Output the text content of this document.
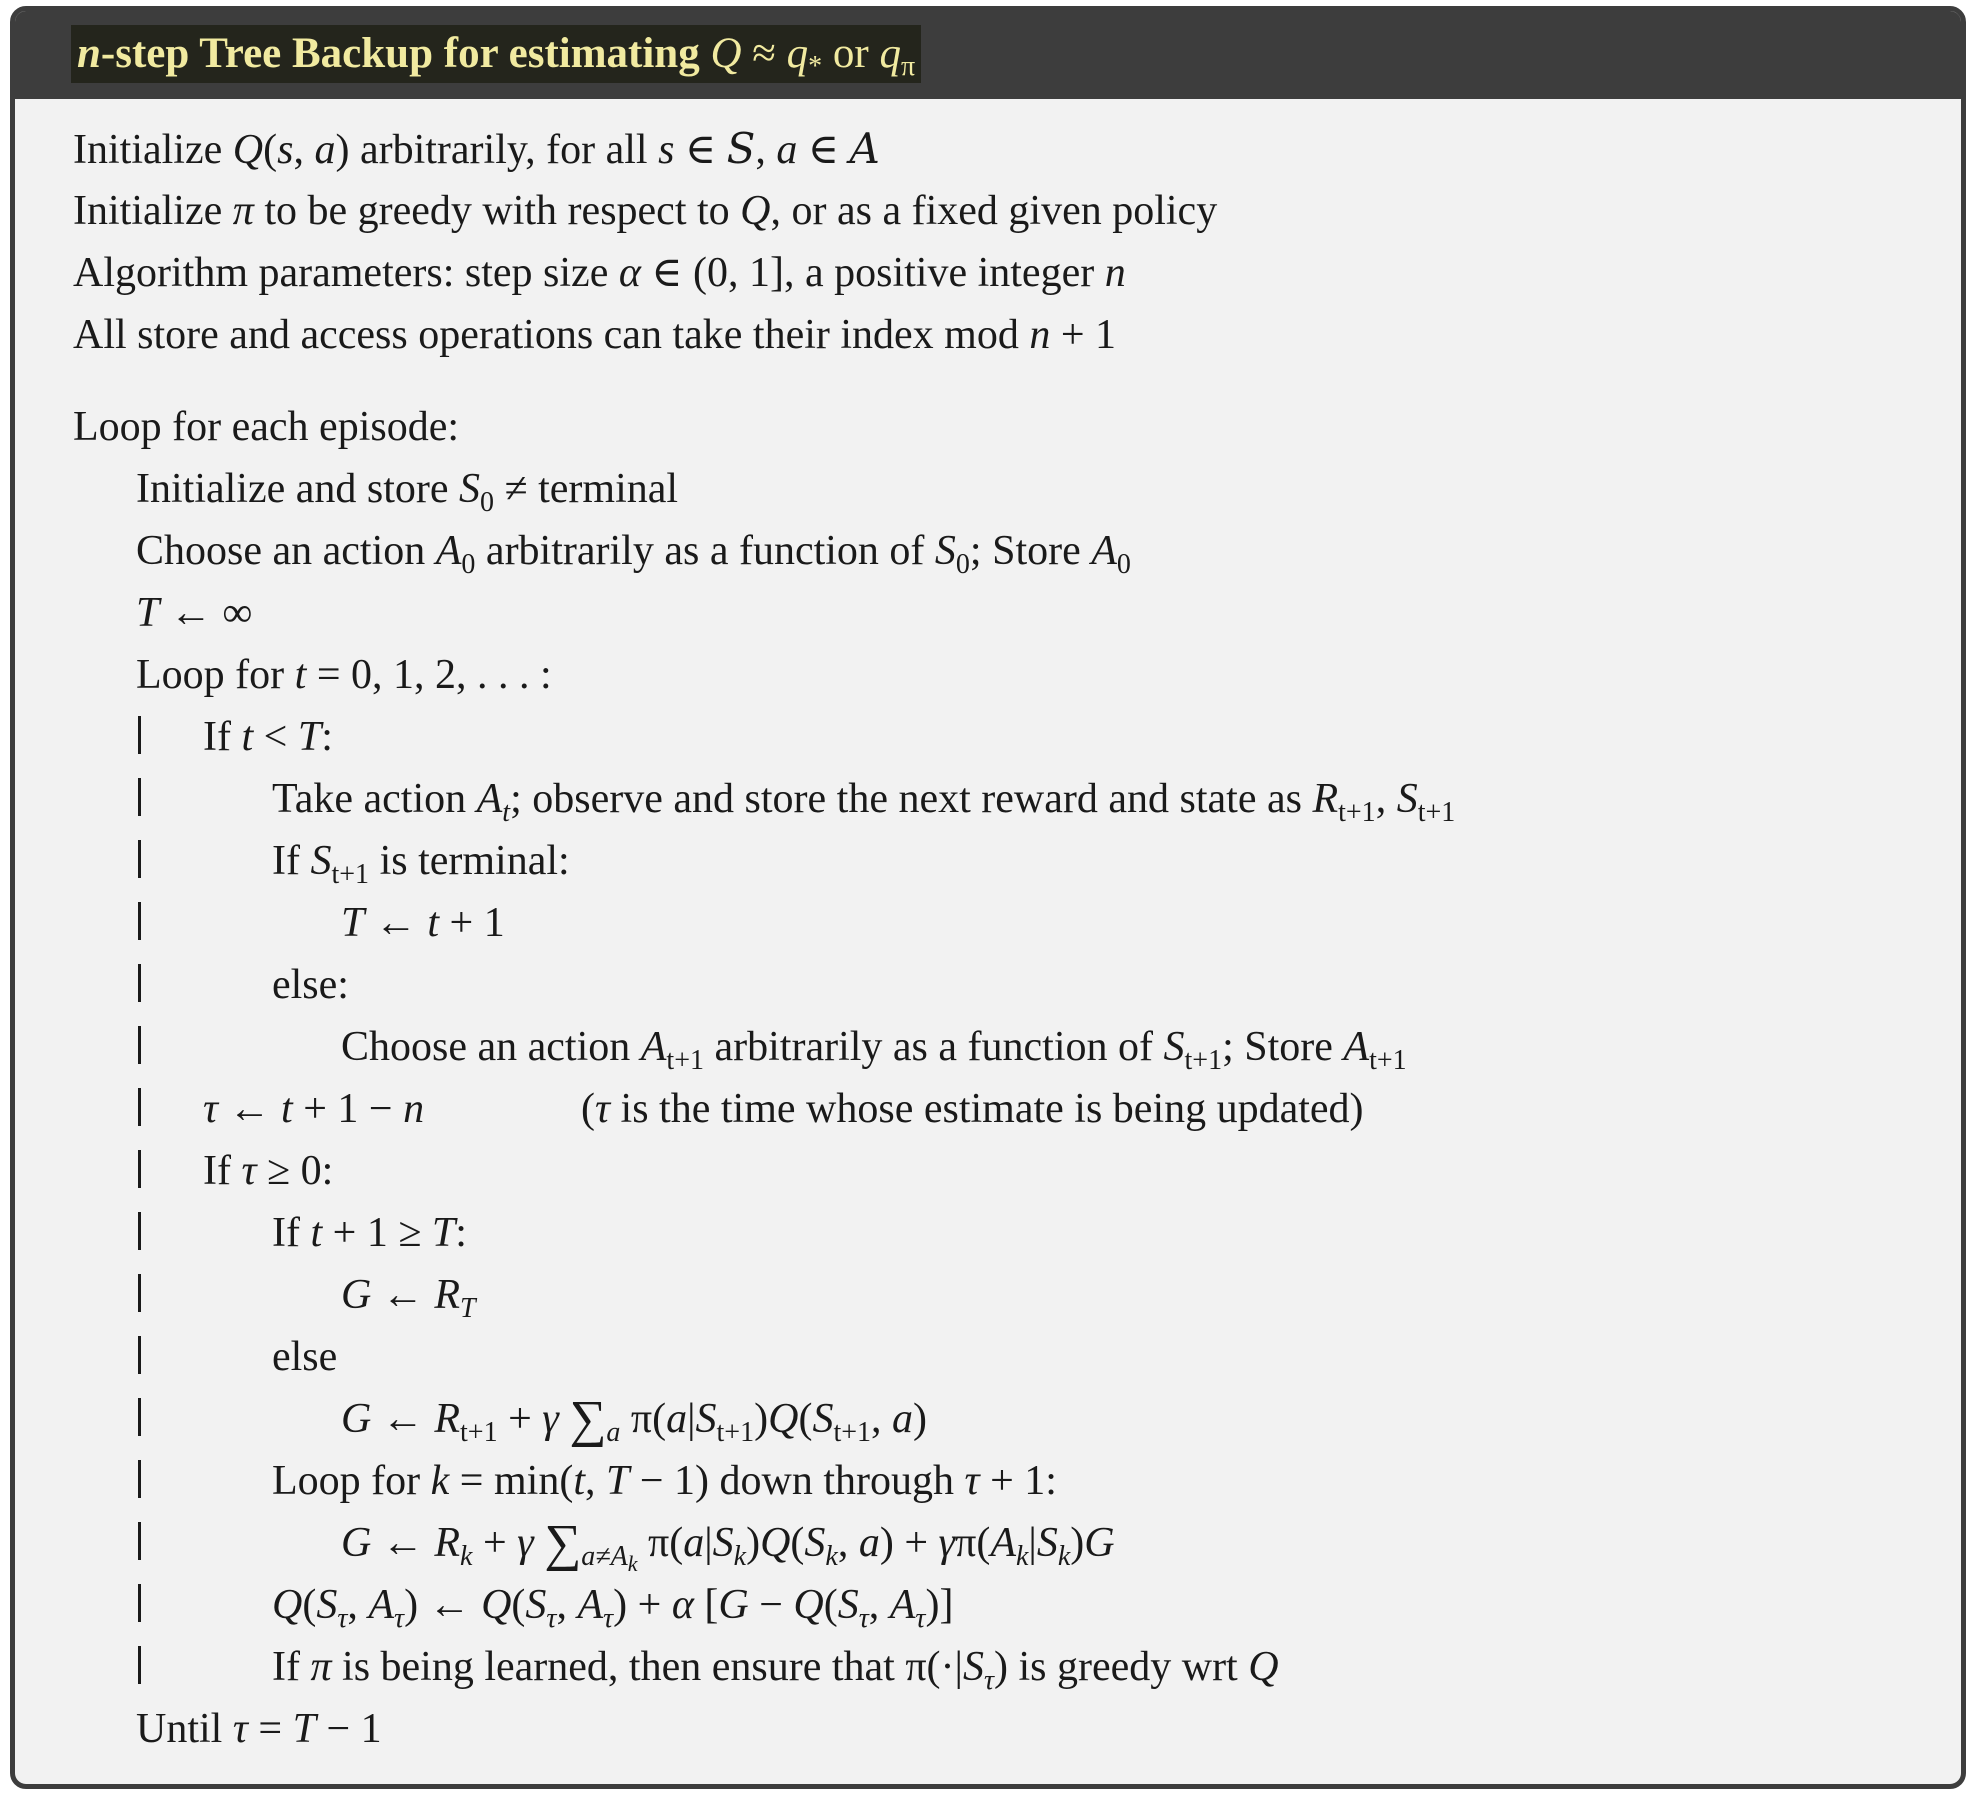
n-step Tree Backup for estimating $Q \approx q_*$ or $q_\pi$
Initialize Q(s, a) arbitrarily, for all s ∈ S, a ∈ A
Initialize π to be greedy with respect to Q, or as a fixed given policy
Algorithm parameters: step size α ∈ (0, 1], a positive integer n
All store and access operations can take their index mod n + 1
Loop for each episode:
Initialize and store $S_0$ ≠ terminal
Choose an action $A_0$ arbitrarily as a function of $S_0$; Store $A_0$
T ← ∞
Loop for t = 0, 1, 2, . . . :
If t < T:
Take action $A_t$; observe and store the next reward and state as $R_{t+1}$, $S_{t+1}$
If $S_{t+1}$ is terminal:
T ← t + 1
else:
Choose an action $A_{t+1}$ arbitrarily as a function of $S_{t+1}$; Store $A_{t+1}$
τ ← t + 1 − n	(τ is the time whose estimate is being updated)
If τ ≥ 0:
If t + 1 ≥ T:
G ← $R_T$
else
G ← $R_{t+1} + \gamma$ $\sum_a$ $\pi(a|S_{t+1})Q(S_{t+1}$, a)
Loop for k = min(t, T − 1) down through τ + 1:
G ← $R_k + \gamma$ $\sum_{a\ne A_k}$ $\pi(a|S_k)Q(S_k$, $a) + \gamma\pi(A_k|S_k)G$
$Q(S_\tau$, $A_\tau$) ← $Q(S_\tau$, $A_\tau) + \alpha$ [$G - Q(S_\tau$, $A_\tau$)]
If π is being learned, then ensure that $\pi(\cdot|S_\tau)$ is greedy wrt Q
Until τ = T − 1
